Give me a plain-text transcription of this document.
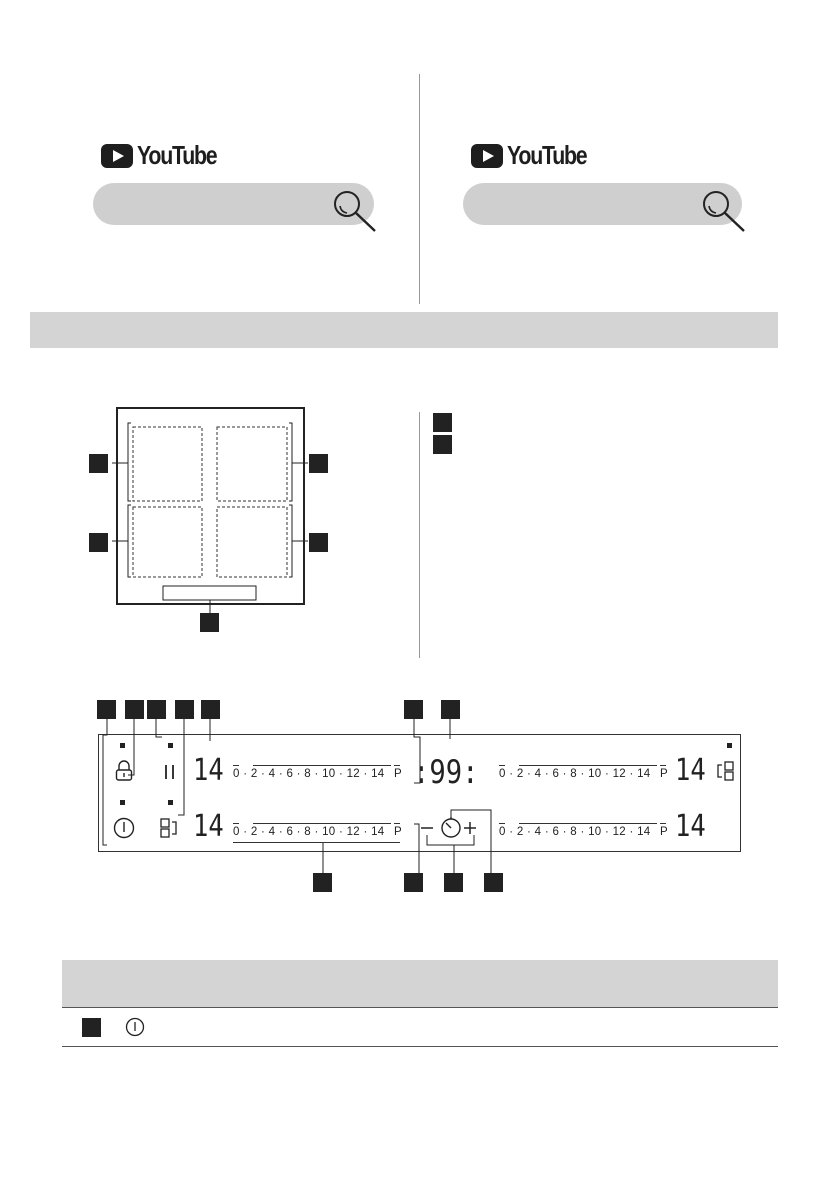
YouTube	YouTube
14
14
14
14
:99:
0 · 2 · 4 · 6 · 8 · 10 · 12 · 14 P
0 · 2 · 4 · 6 · 8 · 10 · 12 · 14 P
0 · 2 · 4 · 6 · 8 · 10 · 12 · 14 P
0 · 2 · 4 · 6 · 8 · 10 · 12 · 14 P
